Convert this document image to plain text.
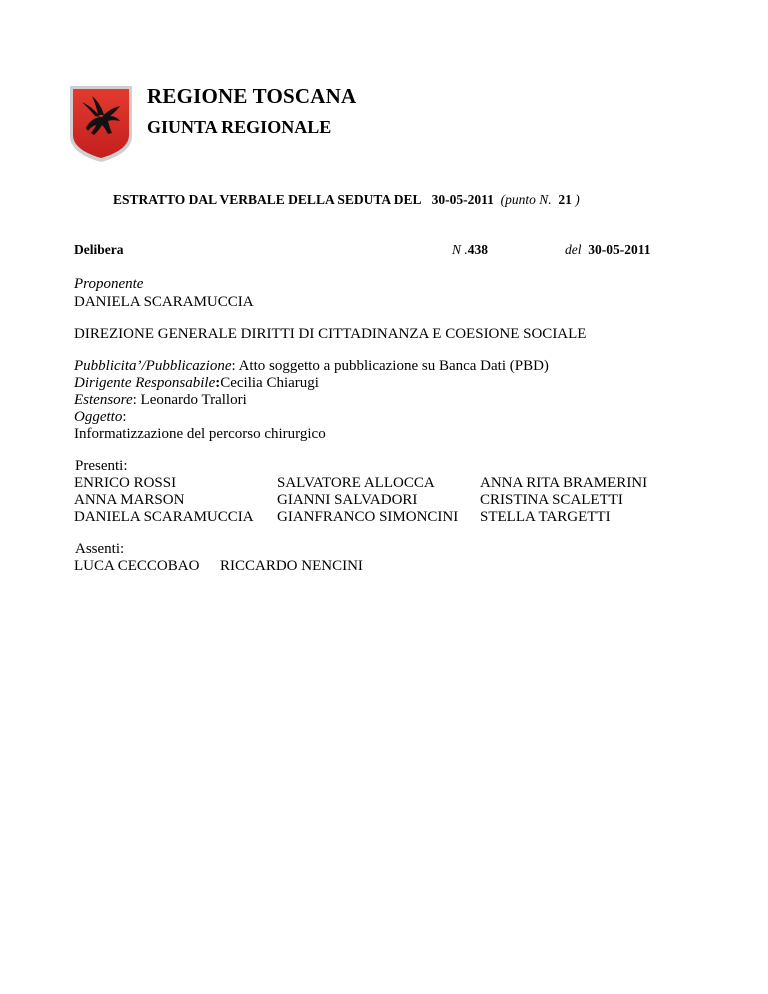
REGIONE TOSCANA
GIUNTA REGIONALE
ESTRATTO DAL VERBALE DELLA SEDUTA DEL 30-05-2011 (punto N. 21 )
Delibera	N .438	del 30-05-2011
Proponente
DANIELA SCARAMUCCIA
DIREZIONE GENERALE DIRITTI DI CITTADINANZA E COESIONE SOCIALE
Pubblicita’/Pubblicazione: Atto soggetto a pubblicazione su Banca Dati (PBD)
Dirigente Responsabile:Cecilia Chiarugi
Estensore: Leonardo Trallori
Oggetto:
Informatizzazione del percorso chirurgico
Presenti:
ENRICO ROSSI
ANNA MARSON
DANIELA SCARAMUCCIA
SALVATORE ALLOCCA
GIANNI SALVADORI
GIANFRANCO SIMONCINI
ANNA RITA BRAMERINI
CRISTINA SCALETTI
STELLA TARGETTI
Assenti:
LUCA CECCOBAO RICCARDO NENCINI
